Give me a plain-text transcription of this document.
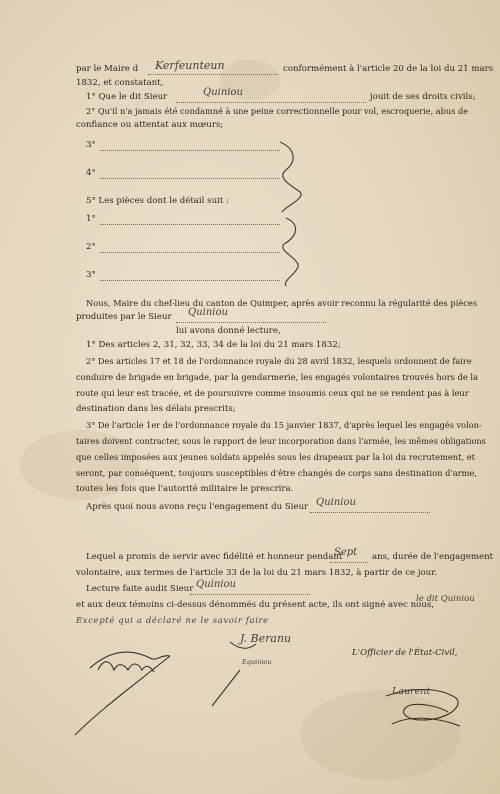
par le Maire d Kerfeunteun	conformément à l'article 20 de la loi du 21 mars
1832, et constatant,
1° Que le dit Sieur	Quiniou	jouit de ses droits civils;
2° Qu'il n'a jamais été condamné à une peine correctionnelle pour vol, escroquerie, abus de
confiance ou attentat aux mœurs;
3°
4°
5° Les pièces dont le détail suit :
1°
2°
3°
Nous, Maire du chef-lieu du canton de Quimper, après avoir reconnu la régularité des pièces
produites par le Sieur Quiniou
lui avons donné lecture,
1° Des articles 2, 31, 32, 33, 34 de la loi du 21 mars 1832;
2° Des articles 17 et 18 de l'ordonnance royale du 28 avril 1832, lesquels ordonnent de faire
conduire de brigade en brigade, par la gendarmerie, les engagés volontaires trouvés hors de la
route qui leur est tracée, et de poursuivre comme insoumis ceux qui ne se rendent pas à leur
destination dans les délais prescrits;
3° De l'article 1er de l'ordonnance royale du 15 janvier 1837, d'après lequel les engagés volon-
taires doivent contracter, sous le rapport de leur incorporation dans l'armée, les mêmes obligations
que celles imposées aux jeunes soldats appelés sous les drapeaux par la loi du recrutement, et
seront, par conséquent, toujours susceptibles d'être changés de corps sans destination d'arme,
toutes les fois que l'autorité militaire le prescrira.
Après quoi nous avons reçu l'engagement du Sieur Quiniou
Lequel a promis de servir avec fidélité et honneur pendant
Sept ans, durée de l'engagement
volontaire, aux termes de l'article 33 de la loi du 21 mars 1832, à partir de ce jour.
Lecture faite audit Sieur Quiniou
et aux deux témoins ci-dessus dénommés du présent acte, ils ont signé avec nous,
le dit Quiniou
Excepté qui a déclaré ne le savoir faire
L'Officier de l'État-Civil,
J. Beranu
Equiniou
Laurent
